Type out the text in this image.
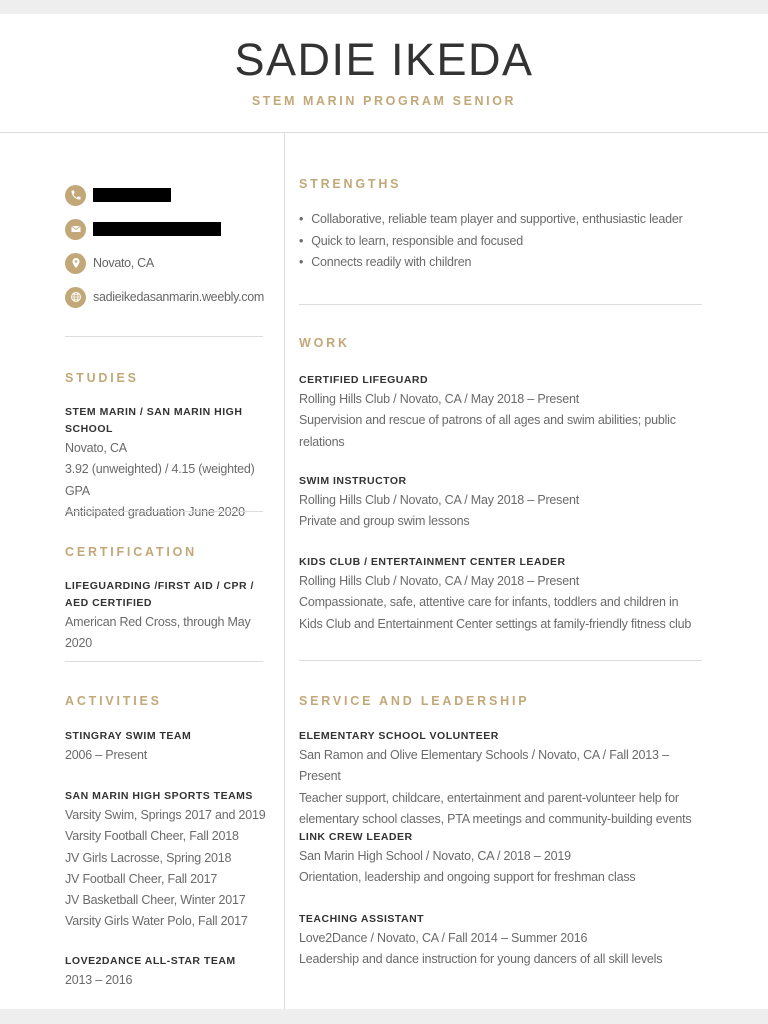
SADIE IKEDA
STEM MARIN PROGRAM SENIOR
Novato, CA
sadieikedasanmarin.weebly.com
STUDIES
STEM MARIN / SAN MARIN HIGH SCHOOL
Novato, CA
3.92 (unweighted) / 4.15 (weighted) GPA
CERTIFICATION
LIFEGUARDING /FIRST AID / CPR /
AED CERTIFIED
American Red Cross, through May 2020
ACTIVITIES
STINGRAY SWIM TEAM
2006 – Present
SAN MARIN HIGH SPORTS TEAMS
Varsity Swim, Springs 2017 and 2019
Varsity Football Cheer, Fall 2018
JV Girls Lacrosse, Spring 2018
JV Football Cheer, Fall 2017
JV Basketball Cheer, Winter 2017
Varsity Girls Water Polo, Fall 2017
LOVE2DANCE ALL-STAR TEAM
2013 – 2016
STRENGTHS
• Collaborative, reliable team player and supportive, enthusiastic leader
• Quick to learn, responsible and focused
• Connects readily with children
WORK
CERTIFIED LIFEGUARD
Rolling Hills Club / Novato, CA / May 2018 – Present
Supervision and rescue of patrons of all ages and swim abilities; public
relations
SWIM INSTRUCTOR
Rolling Hills Club / Novato, CA / May 2018 – Present
Private and group swim lessons
KIDS CLUB / ENTERTAINMENT CENTER LEADER
Rolling Hills Club / Novato, CA / May 2018 – Present
Compassionate, safe, attentive care for infants, toddlers and children in
Kids Club and Entertainment Center settings at family-friendly fitness club
SERVICE AND LEADERSHIP
ELEMENTARY SCHOOL VOLUNTEER
San Ramon and Olive Elementary Schools / Novato, CA / Fall 2013 – Present
Teacher support, childcare, entertainment and parent-volunteer help for
elementary school classes, PTA meetings and community-building events
LINK CREW LEADER
San Marin High School / Novato, CA / 2018 – 2019
Orientation, leadership and ongoing support for freshman class
TEACHING ASSISTANT
Love2Dance / Novato, CA / Fall 2014 – Summer 2016
Leadership and dance instruction for young dancers of all skill levels
